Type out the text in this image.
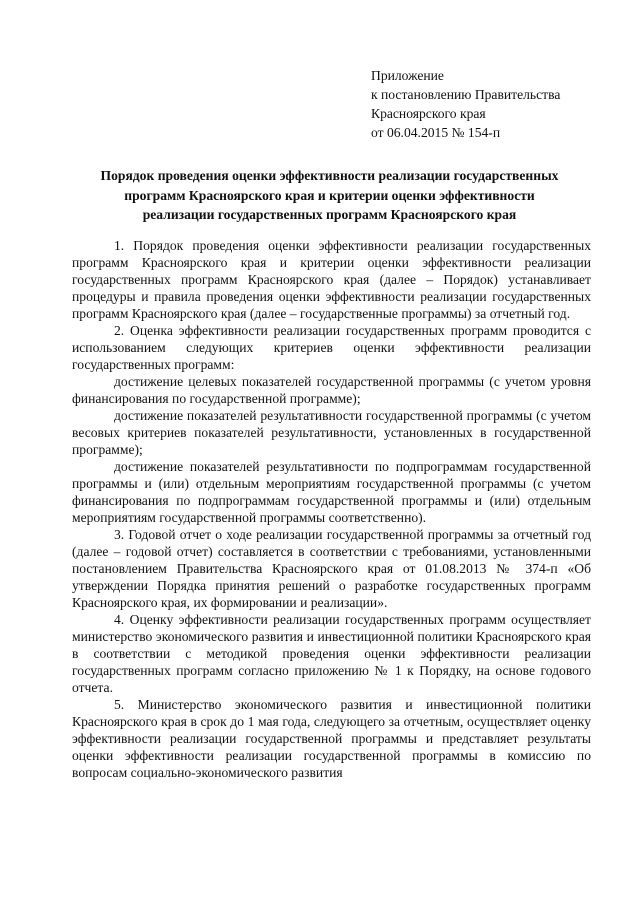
Приложение
к постановлению Правительства
Красноярского края
от 06.04.2015 № 154-п
Порядок проведения оценки эффективности реализации государственных
программ Красноярского края и критерии оценки эффективности
реализации государственных программ Красноярского края

1. Порядок проведения оценки эффективности реализации государственных программ Красноярского края и критерии оценки эффективности реализации государственных программ Красноярского края (далее – Порядок) устанавливает процедуры и правила проведения оценки эффективности реализации государственных программ Красноярского края (далее – государственные программы) за отчетный год.

2. Оценка эффективности реализации государственных программ проводится с использованием следующих критериев оценки эффективности реализации государственных программ:

достижение целевых показателей государственной программы (с учетом уровня финансирования по государственной программе);

достижение показателей результативности государственной программы (с учетом весовых критериев показателей результативности, установленных в государственной программе);

достижение показателей результативности по подпрограммам государственной программы и (или) отдельным мероприятиям государственной программы (с учетом финансирования по подпрограммам государственной программы и (или) отдельным мероприятиям государственной программы соответственно).

3. Годовой отчет о ходе реализации государственной программы за отчетный год (далее – годовой отчет) составляется в соответствии с требованиями, установленными постановлением Правительства Красноярского края от 01.08.2013 № 374-п «Об утверждении Порядка принятия решений о разработке государственных программ Красноярского края, их формировании и реализации».

4. Оценку эффективности реализации государственных программ осуществляет министерство экономического развития и инвестиционной политики Красноярского края в соответствии с методикой проведения оценки эффективности реализации государственных программ согласно приложению № 1 к Порядку, на основе годового отчета.

5. Министерство экономического развития и инвестиционной политики Красноярского края в срок до 1 мая года, следующего за отчетным, осуществляет оценку эффективности реализации государственной программы и представляет результаты оценки эффективности реализации государственной программы в комиссию по вопросам социально-экономического развития
